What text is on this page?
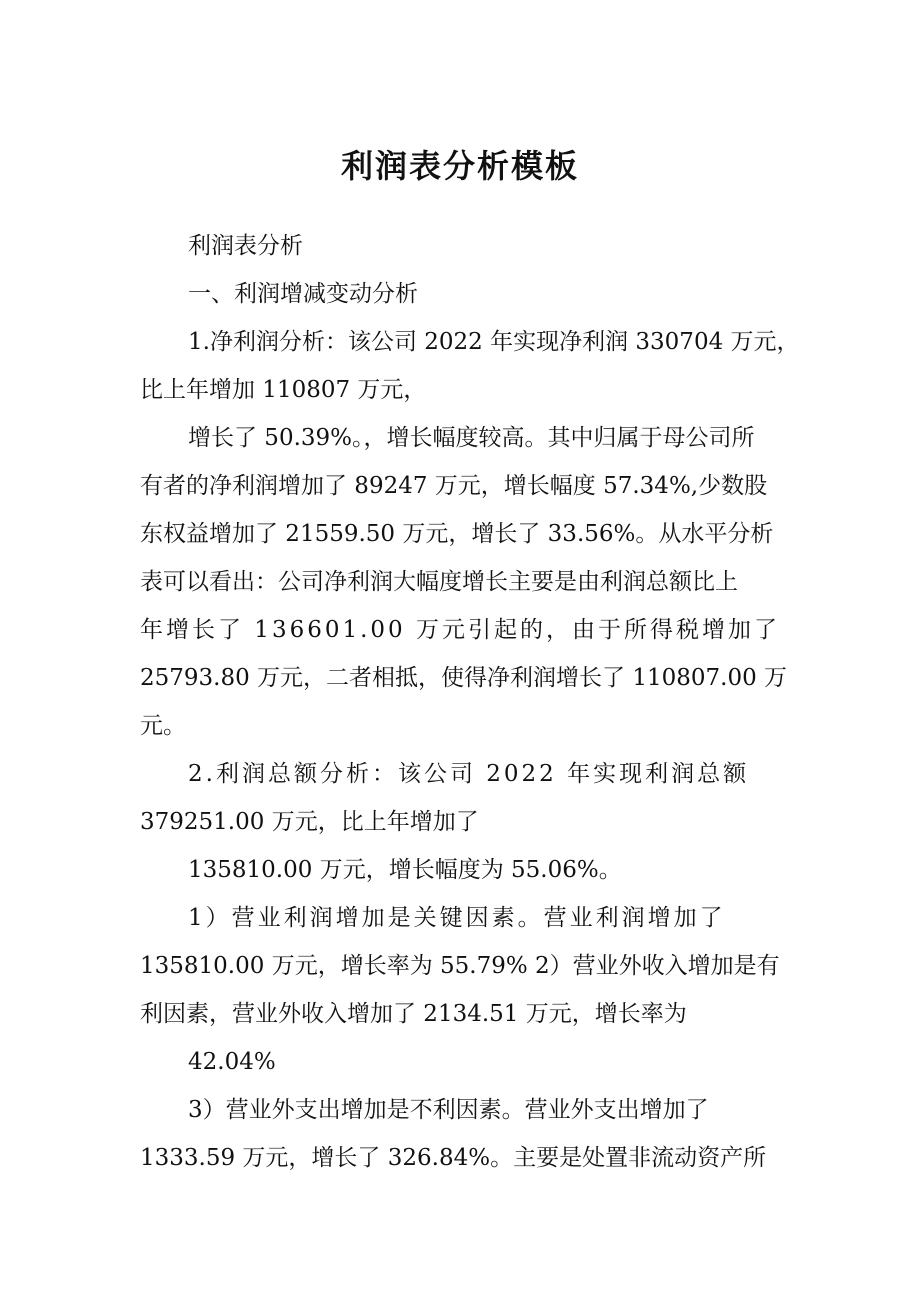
利润表分析模板
利润表分析
一、利润增减变动分析
1.净利润分析：该公司 2022 年实现净利润 330704 万元，
比上年增加 110807 万元，
增长了 50.39%。，增长幅度较高。其中归属于母公司所
有者的净利润增加了 89247 万元，增长幅度 57.34%,少数股
东权益增加了 21559.50 万元，增长了 33.56%。从水平分析
表可以看出：公司净利润大幅度增长主要是由利润总额比上
年增长了 136601.00 万元引起的，由于所得税增加了
25793.80 万元，二者相抵，使得净利润增长了 110807.00 万
元。
2.利润总额分析：该公司 2022 年实现利润总额
379251.00 万元，比上年增加了
135810.00 万元，增长幅度为 55.06%。
1）营业利润增加是关键因素。营业利润增加了
135810.00 万元，增长率为 55.79% 2）营业外收入增加是有
利因素，营业外收入增加了 2134.51 万元，增长率为
42.04%
3）营业外支出增加是不利因素。营业外支出增加了
1333.59 万元，增长了 326.84%。主要是处置非流动资产所
